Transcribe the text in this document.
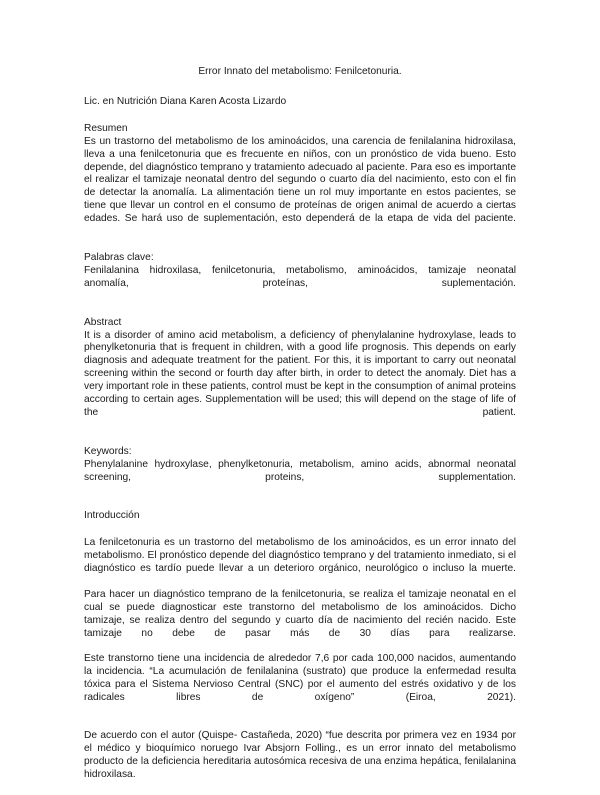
Error Innato del metabolismo: Fenilcetonuria.

Lic. en Nutrición Diana Karen Acosta Lizardo

Resumen

Es un trastorno del metabolismo de los aminoácidos, una carencia de fenilalanina hidroxilasa, lleva a una fenilcetonuria que es frecuente en niños, con un pronóstico de vida bueno. Esto depende, del diagnóstico temprano y tratamiento adecuado al paciente. Para eso es importante el realizar el tamizaje neonatal dentro del segundo o cuarto día del nacimiento, esto con el fin de detectar la anomalía. La alimentación tiene un rol muy importante en estos pacientes, se tiene que llevar un control en el consumo de proteínas de origen animal de acuerdo a ciertas edades. Se hará uso de suplementación, esto dependerá de la etapa de vida del paciente.

Palabras clave:

Fenilalanina hidroxilasa, fenilcetonuria, metabolismo, aminoácidos, tamizaje neonatal anomalía, proteínas, suplementación.

Abstract

It is a disorder of amino acid metabolism, a deficiency of phenylalanine hydroxylase, leads to phenylketonuria that is frequent in children, with a good life prognosis. This depends on early diagnosis and adequate treatment for the patient. For this, it is important to carry out neonatal screening within the second or fourth day after birth, in order to detect the anomaly. Diet has a very important role in these patients, control must be kept in the consumption of animal proteins according to certain ages. Supplementation will be used; this will depend on the stage of life of the patient.

Keywords:

Phenylalanine hydroxylase, phenylketonuria, metabolism, amino acids, abnormal neonatal screening, proteins, supplementation.

Introducción

La fenilcetonuria es un trastorno del metabolismo de los aminoácidos, es un error innato del metabolismo. El pronóstico depende del diagnóstico temprano y del tratamiento inmediato, si el diagnóstico es tardío puede llevar a un deterioro orgánico, neurológico o incluso la muerte.

Para hacer un diagnóstico temprano de la fenilcetonuria, se realiza el tamizaje neonatal en el cual se puede diagnosticar este transtorno del metabolismo de los aminoácidos. Dicho tamizaje, se realiza dentro del segundo y cuarto día de nacimiento del recién nacido. Este tamizaje no debe de pasar más de 30 días para realizarse.

Este transtorno tiene una incidencia de alrededor 7,6 por cada 100,000 nacidos, aumentando la incidencia. “La acumulación de fenilalanina (sustrato) que produce la enfermedad resulta tóxica para el Sistema Nervioso Central (SNC) por el aumento del estrés oxidativo y de los radicales libres de oxígeno” (Eiroa, 2021).

De acuerdo con el autor (Quispe- Castañeda, 2020) “fue descrita por primera vez en 1934 por el médico y bioquímico noruego Ivar Absjorn Folling., es un error innato del metabolismo producto de la deficiencia hereditaria autosómica recesiva de una enzima hepática, fenilalanina hidroxilasa.
